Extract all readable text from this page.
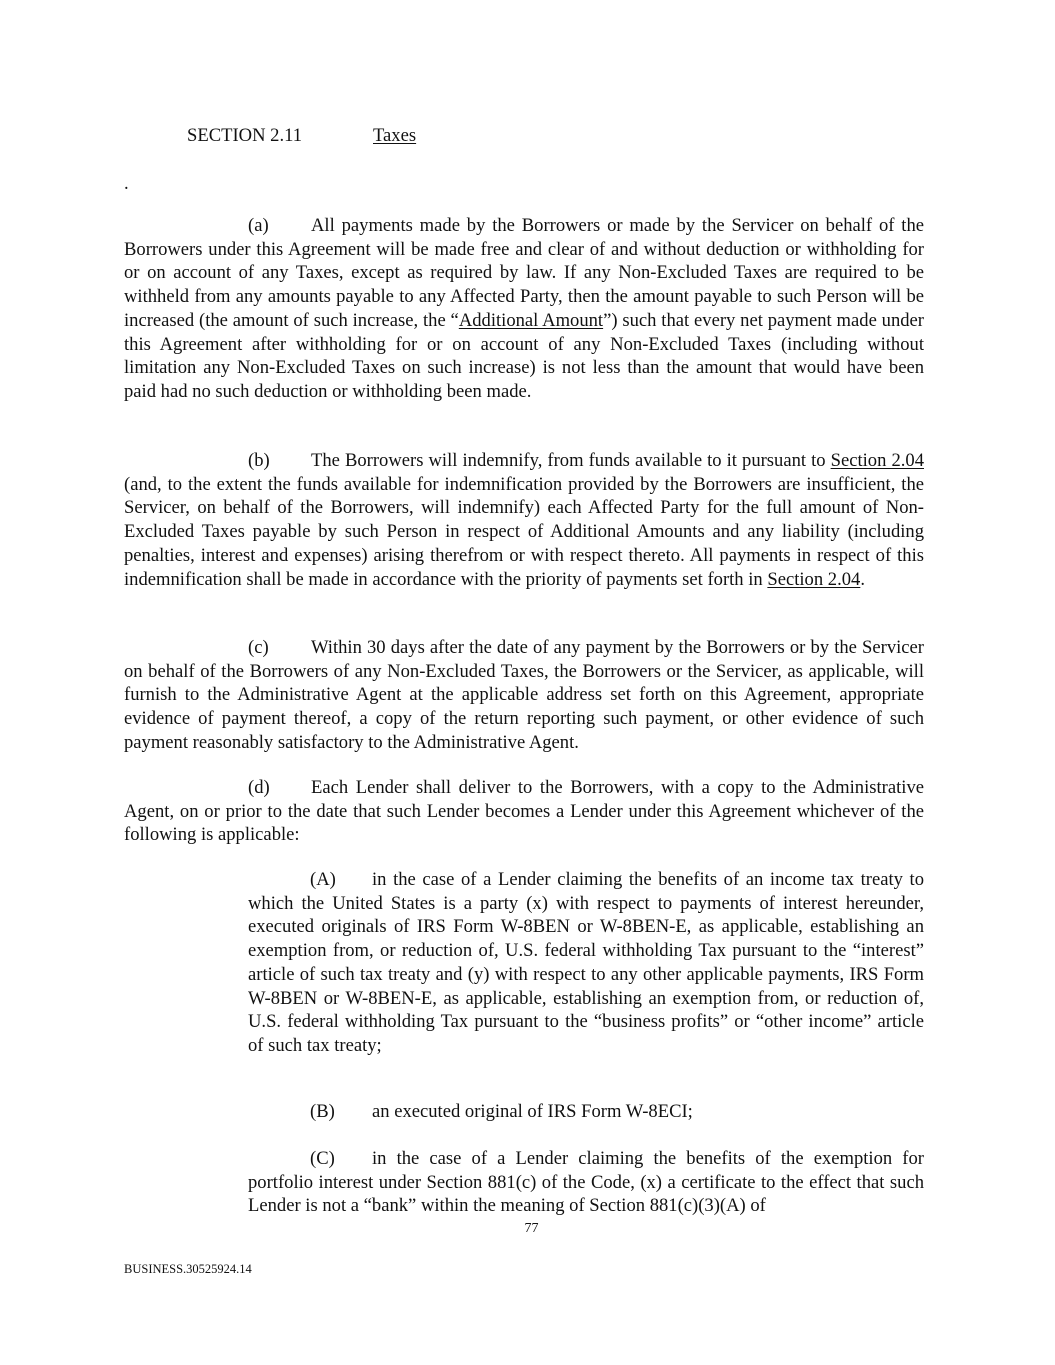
SECTION 2.11	Taxes
.

(a) All payments made by the Borrowers or made by the Servicer on behalf of the Borrowers under this Agreement will be made free and clear of and without deduction or withholding for or on account of any Taxes, except as required by law. If any Non-Excluded Taxes are required to be withheld from any amounts payable to any Affected Party, then the amount payable to such Person will be increased (the amount of such increase, the “Additional Amount”) such that every net payment made under this Agreement after withholding for or on account of any Non-Excluded Taxes (including without limitation any Non-Excluded Taxes on such increase) is not less than the amount that would have been paid had no such deduction or withholding been made.

(b) The Borrowers will indemnify, from funds available to it pursuant to Section 2.04 (and, to the extent the funds available for indemnification provided by the Borrowers are insufficient, the Servicer, on behalf of the Borrowers, will indemnify) each Affected Party for the full amount of Non-Excluded Taxes payable by such Person in respect of Additional Amounts and any liability (including penalties, interest and expenses) arising therefrom or with respect thereto. All payments in respect of this indemnification shall be made in accordance with the priority of payments set forth in Section 2.04.

(c) Within 30 days after the date of any payment by the Borrowers or by the Servicer on behalf of the Borrowers of any Non-Excluded Taxes, the Borrowers or the Servicer, as applicable, will furnish to the Administrative Agent at the applicable address set forth on this Agreement, appropriate evidence of payment thereof, a copy of the return reporting such payment, or other evidence of such payment reasonably satisfactory to the Administrative Agent.

(d) Each Lender shall deliver to the Borrowers, with a copy to the Administrative Agent, on or prior to the date that such Lender becomes a Lender under this Agreement whichever of the following is applicable:

(A) in the case of a Lender claiming the benefits of an income tax treaty to which the United States is a party (x) with respect to payments of interest hereunder, executed originals of IRS Form W-8BEN or W-8BEN-E, as applicable, establishing an exemption from, or reduction of, U.S. federal withholding Tax pursuant to the “interest” article of such tax treaty and (y) with respect to any other applicable payments, IRS Form W-8BEN or W-8BEN-E, as applicable, establishing an exemption from, or reduction of, U.S. federal withholding Tax pursuant to the “business profits” or “other income” article of such tax treaty;

(B) an executed original of IRS Form W-8ECI;

(C) in the case of a Lender claiming the benefits of the exemption for portfolio interest under Section 881(c) of the Code, (x) a certificate to the effect that such Lender is not a “bank” within the meaning of Section 881(c)(3)(A) of

77
BUSINESS.30525924.14
